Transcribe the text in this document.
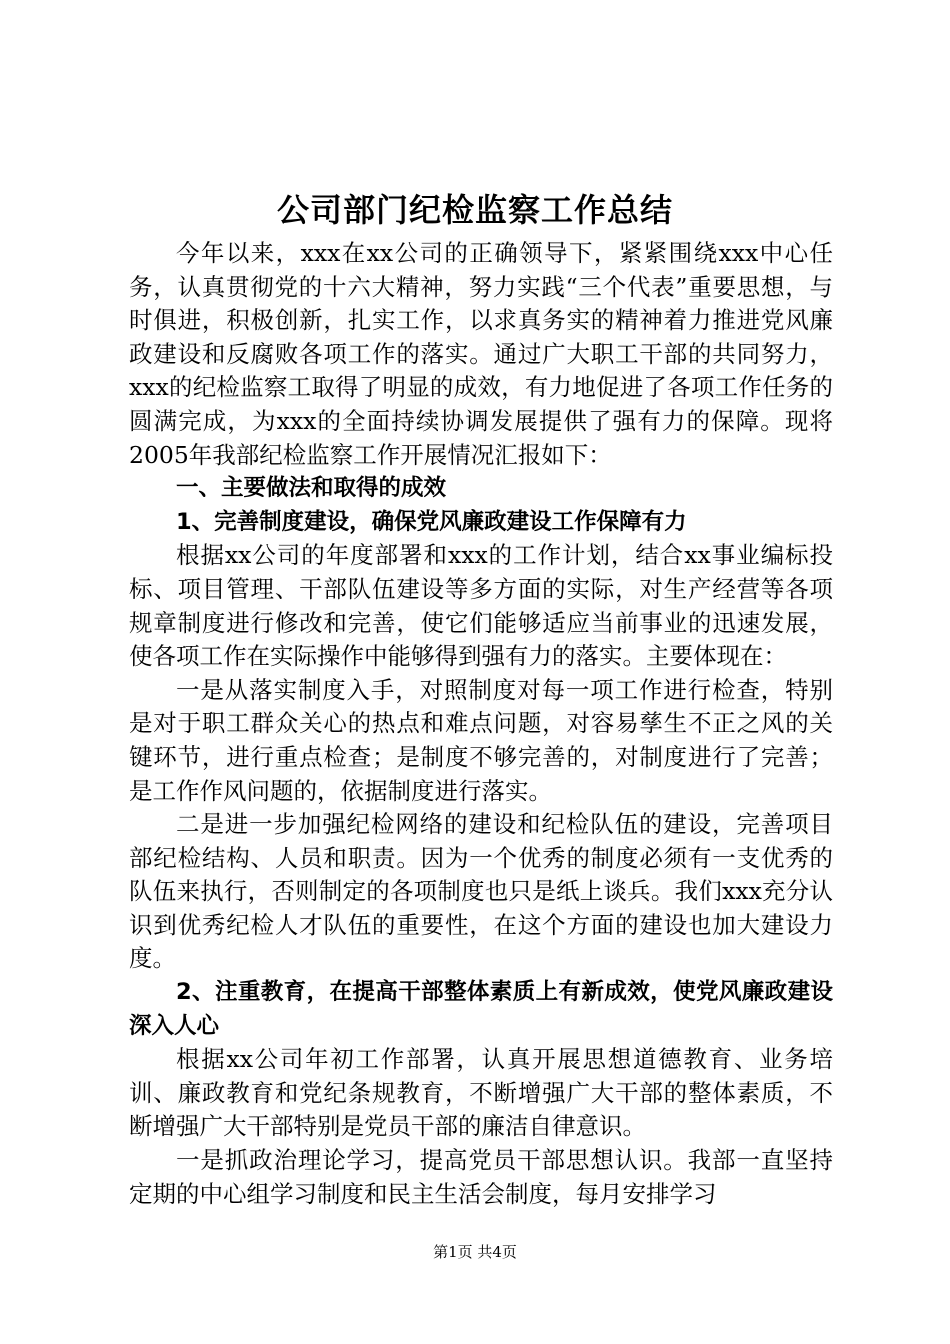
公司部门纪检监察工作总结

今年以来，xxx在xx公司的正确领导下，紧紧围绕xxx中心任务，认真贯彻党的十六大精神，努力实践“三个代表”重要思想，与时俱进，积极创新，扎实工作，以求真务实的精神着力推进党风廉政建设和反腐败各项工作的落实。通过广大职工干部的共同努力，xxx的纪检监察工取得了明显的成效，有力地促进了各项工作任务的圆满完成，为xxx的全面持续协调发展提供了强有力的保障。现将2005年我部纪检监察工作开展情况汇报如下：

一、主要做法和取得的成效

1、完善制度建设，确保党风廉政建设工作保障有力

根据xx公司的年度部署和xxx的工作计划，结合xx事业编标投标、项目管理、干部队伍建设等多方面的实际，对生产经营等各项规章制度进行修改和完善，使它们能够适应当前事业的迅速发展，使各项工作在实际操作中能够得到强有力的落实。主要体现在：

一是从落实制度入手，对照制度对每一项工作进行检查，特别是对于职工群众关心的热点和难点问题，对容易孳生不正之风的关键环节，进行重点检查；是制度不够完善的，对制度进行了完善；是工作作风问题的，依据制度进行落实。

二是进一步加强纪检网络的建设和纪检队伍的建设，完善项目部纪检结构、人员和职责。因为一个优秀的制度必须有一支优秀的队伍来执行，否则制定的各项制度也只是纸上谈兵。我们xxx充分认识到优秀纪检人才队伍的重要性，在这个方面的建设也加大建设力度。

2、注重教育，在提高干部整体素质上有新成效，使党风廉政建设深入人心

根据xx公司年初工作部署，认真开展思想道德教育、业务培训、廉政教育和党纪条规教育，不断增强广大干部的整体素质，不断增强广大干部特别是党员干部的廉洁自律意识。

一是抓政治理论学习，提高党员干部思想认识。我部一直坚持定期的中心组学习制度和民主生活会制度，每月安排学习

第1页 共4页
